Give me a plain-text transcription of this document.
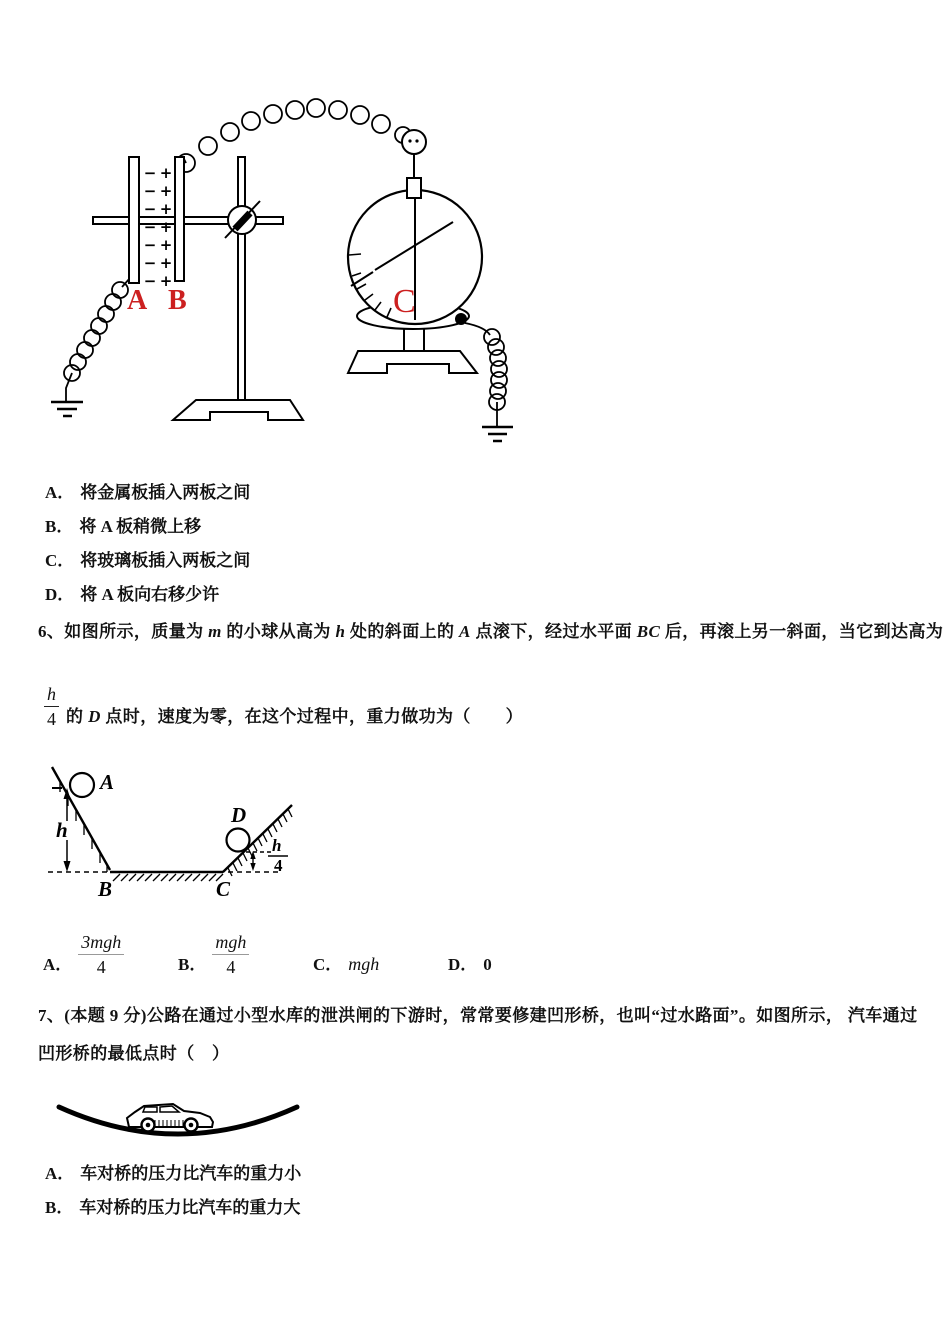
− +
− +
− +
− +
− +
− +
− +
A B	C
A． 将金属板插入两板之间
B． 将 A 板稍微上移
C． 将玻璃板插入两板之间
D． 将 A 板向右移少许
6、如图所示，质量为 m 的小球从高为 h 处的斜面上的 A 点滚下，经过水平面 BC 后，再滚上另一斜面，当它到达高为
$\frac{h}{4}$ 的 D 点时，速度为零，在这个过程中，重力做功为（　　）
A
h
B	C
D
h
4
A． $\frac{\text{3mgh}}{4}$	B． $\frac{\text{mgh}}{4}$	C． mgh	D． 0
7、(本题 9 分)公路在通过小型水库的泄洪闸的下游时，常常要修建凹形桥，也叫“过水路面”。如图所示， 汽车通过
凹形桥的最低点时（　）
A． 车对桥的压力比汽车的重力小
B． 车对桥的压力比汽车的重力大
